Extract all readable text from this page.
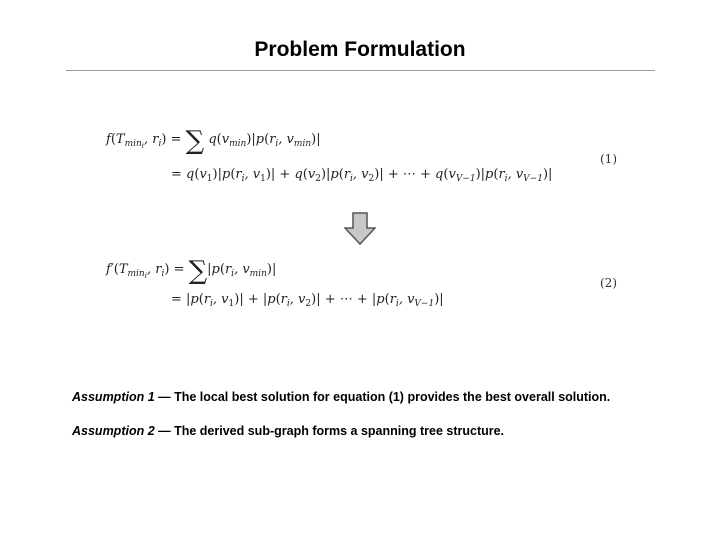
Problem Formulation
$f(T_{min_i}$, $r_i$) = ∑ $q(v_{min})|p(r_i$, $v_{min})|$
= $q(v_1)|p(r_i$, $v_1)| + q(v_2)|p(r_i$, $v_2)|$ + ⋯ + $q(v_{V-1})|p(r_i$, $v_{V-1})|$
(1)
$f'(T_{min_i}$, $r_i) = \sum|p(r_i$, $v_{min})|$
= $|p(r_i$, $v_1)| + |p(r_i$, $v_2)|$ + ⋯ + $|p(r_i$, $v_{V-1})|$
(2)
Assumption 1 — The local best solution for equation (1) provides the best overall solution.
Assumption 2 — The derived sub-graph forms a spanning tree structure.
